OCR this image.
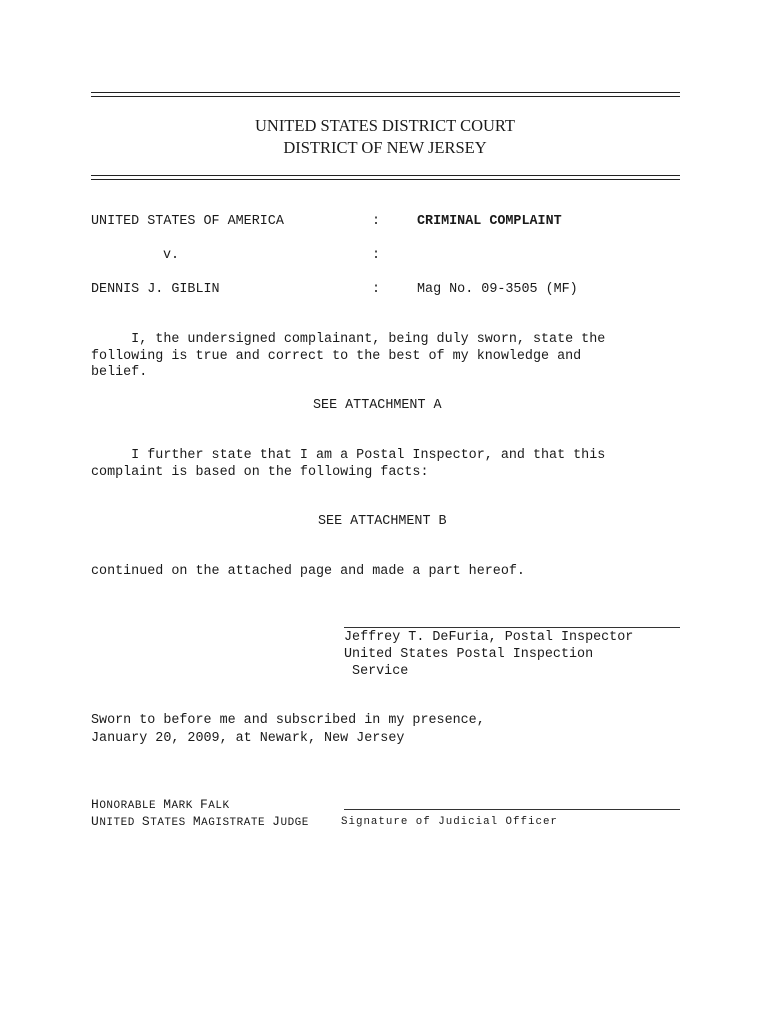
UNITED STATES DISTRICT COURT
DISTRICT OF NEW JERSEY
UNITED STATES OF AMERICA	:	CRIMINAL COMPLAINT
v.	:
DENNIS J. GIBLIN	:	Mag No. 09-3505 (MF)
I, the undersigned complainant, being duly sworn, state the
following is true and correct to the best of my knowledge and
belief.
SEE ATTACHMENT A
I further state that I am a Postal Inspector, and that this
complaint is based on the following facts:
SEE ATTACHMENT B
continued on the attached page and made a part hereof.
Jeffrey T. DeFuria, Postal Inspector
United States Postal Inspection
Service
Sworn to before me and subscribed in my presence,
January 20, 2009, at Newark, New Jersey
HONORABLE MARK FALK
UNITED STATES MAGISTRATE JUDGE	Signature of Judicial Officer
